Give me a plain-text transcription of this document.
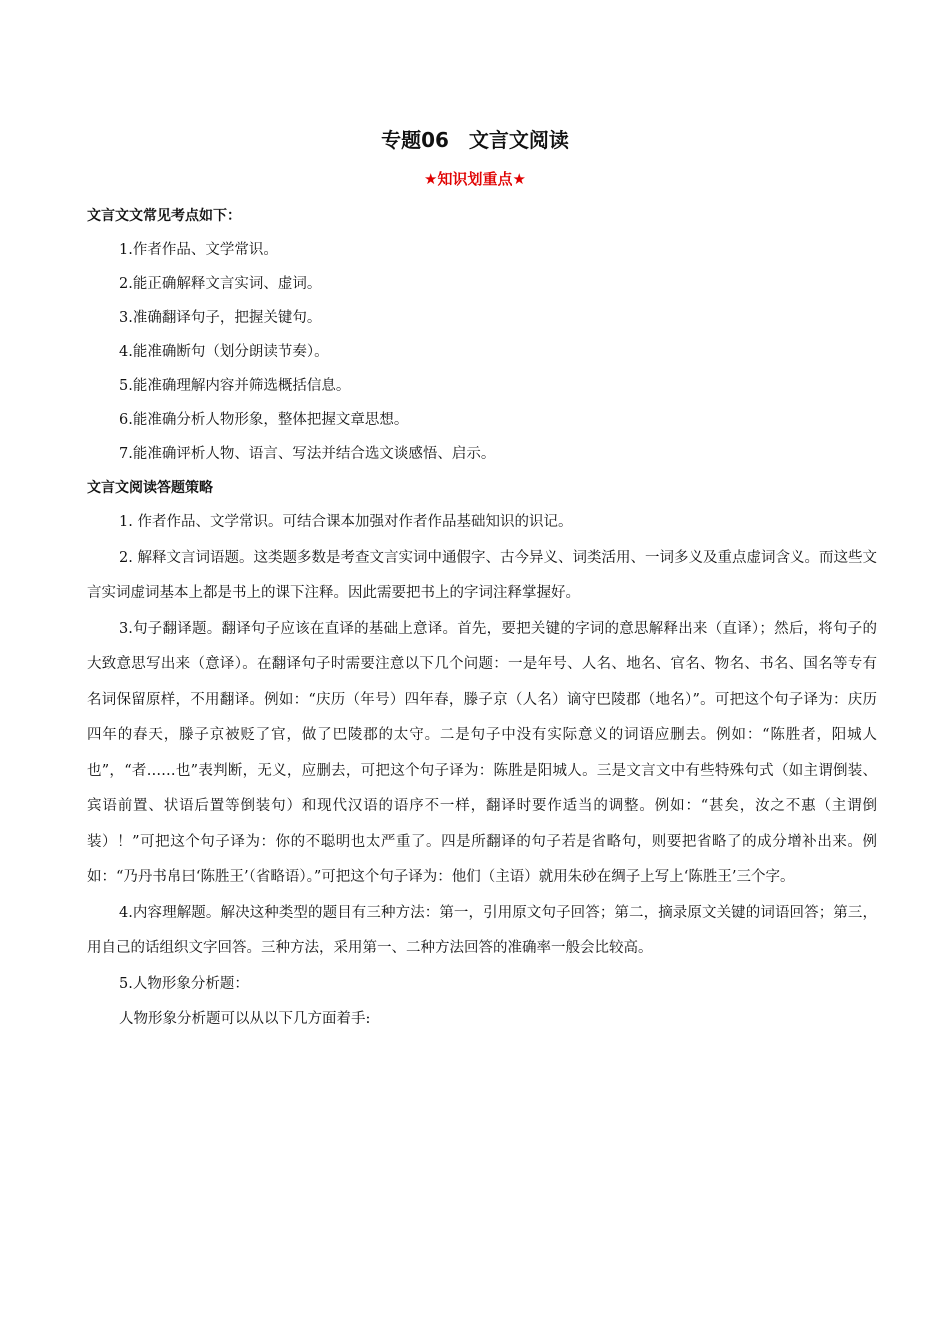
专题06　文言文阅读
★知识划重点★

文言文文常见考点如下：

1.作者作品、文学常识。

2.能正确解释文言实词、虚词。

3.准确翻译句子，把握关键句。

4.能准确断句（划分朗读节奏）。

5.能准确理解内容并筛选概括信息。

6.能准确分析人物形象，整体把握文章思想。

7.能准确评析人物、语言、写法并结合选文谈感悟、启示。

文言文阅读答题策略

1. 作者作品、文学常识。可结合课本加强对作者作品基础知识的识记。

2. 解释文言词语题。这类题多数是考查文言实词中通假字、古今异义、词类活用、一词多义及重点虚词含义。而这些文言实词虚词基本上都是书上的课下注释。因此需要把书上的字词注释掌握好。

3.句子翻译题。翻译句子应该在直译的基础上意译。首先，要把关键的字词的意思解释出来（直译）；然后，将句子的大致意思写出来（意译）。在翻译句子时需要注意以下几个问题：一是年号、人名、地名、官名、物名、书名、国名等专有名词保留原样，不用翻译。例如：“庆历（年号）四年春，滕子京（人名）谪守巴陵郡（地名）”。可把这个句子译为：庆历四年的春天，滕子京被贬了官，做了巴陵郡的太守。二是句子中没有实际意义的词语应删去。例如：“陈胜者，阳城人也”，“者……也”表判断，无义，应删去，可把这个句子译为：陈胜是阳城人。三是文言文中有些特殊句式（如主谓倒装、宾语前置、状语后置等倒装句）和现代汉语的语序不一样，翻译时要作适当的调整。例如：“甚矣，汝之不惠（主谓倒装）！”可把这个句子译为：你的不聪明也太严重了。四是所翻译的句子若是省略句，则要把省略了的成分增补出来。例如：“乃丹书帛曰‘陈胜王’（省略语）。”可把这个句子译为：他们（主语）就用朱砂在绸子上写上‘陈胜王’三个字。

4.内容理解题。解决这种类型的题目有三种方法：第一，引用原文句子回答；第二，摘录原文关键的词语回答；第三，用自己的话组织文字回答。三种方法，采用第一、二种方法回答的准确率一般会比较高。

5.人物形象分析题：

人物形象分析题可以从以下几方面着手:
